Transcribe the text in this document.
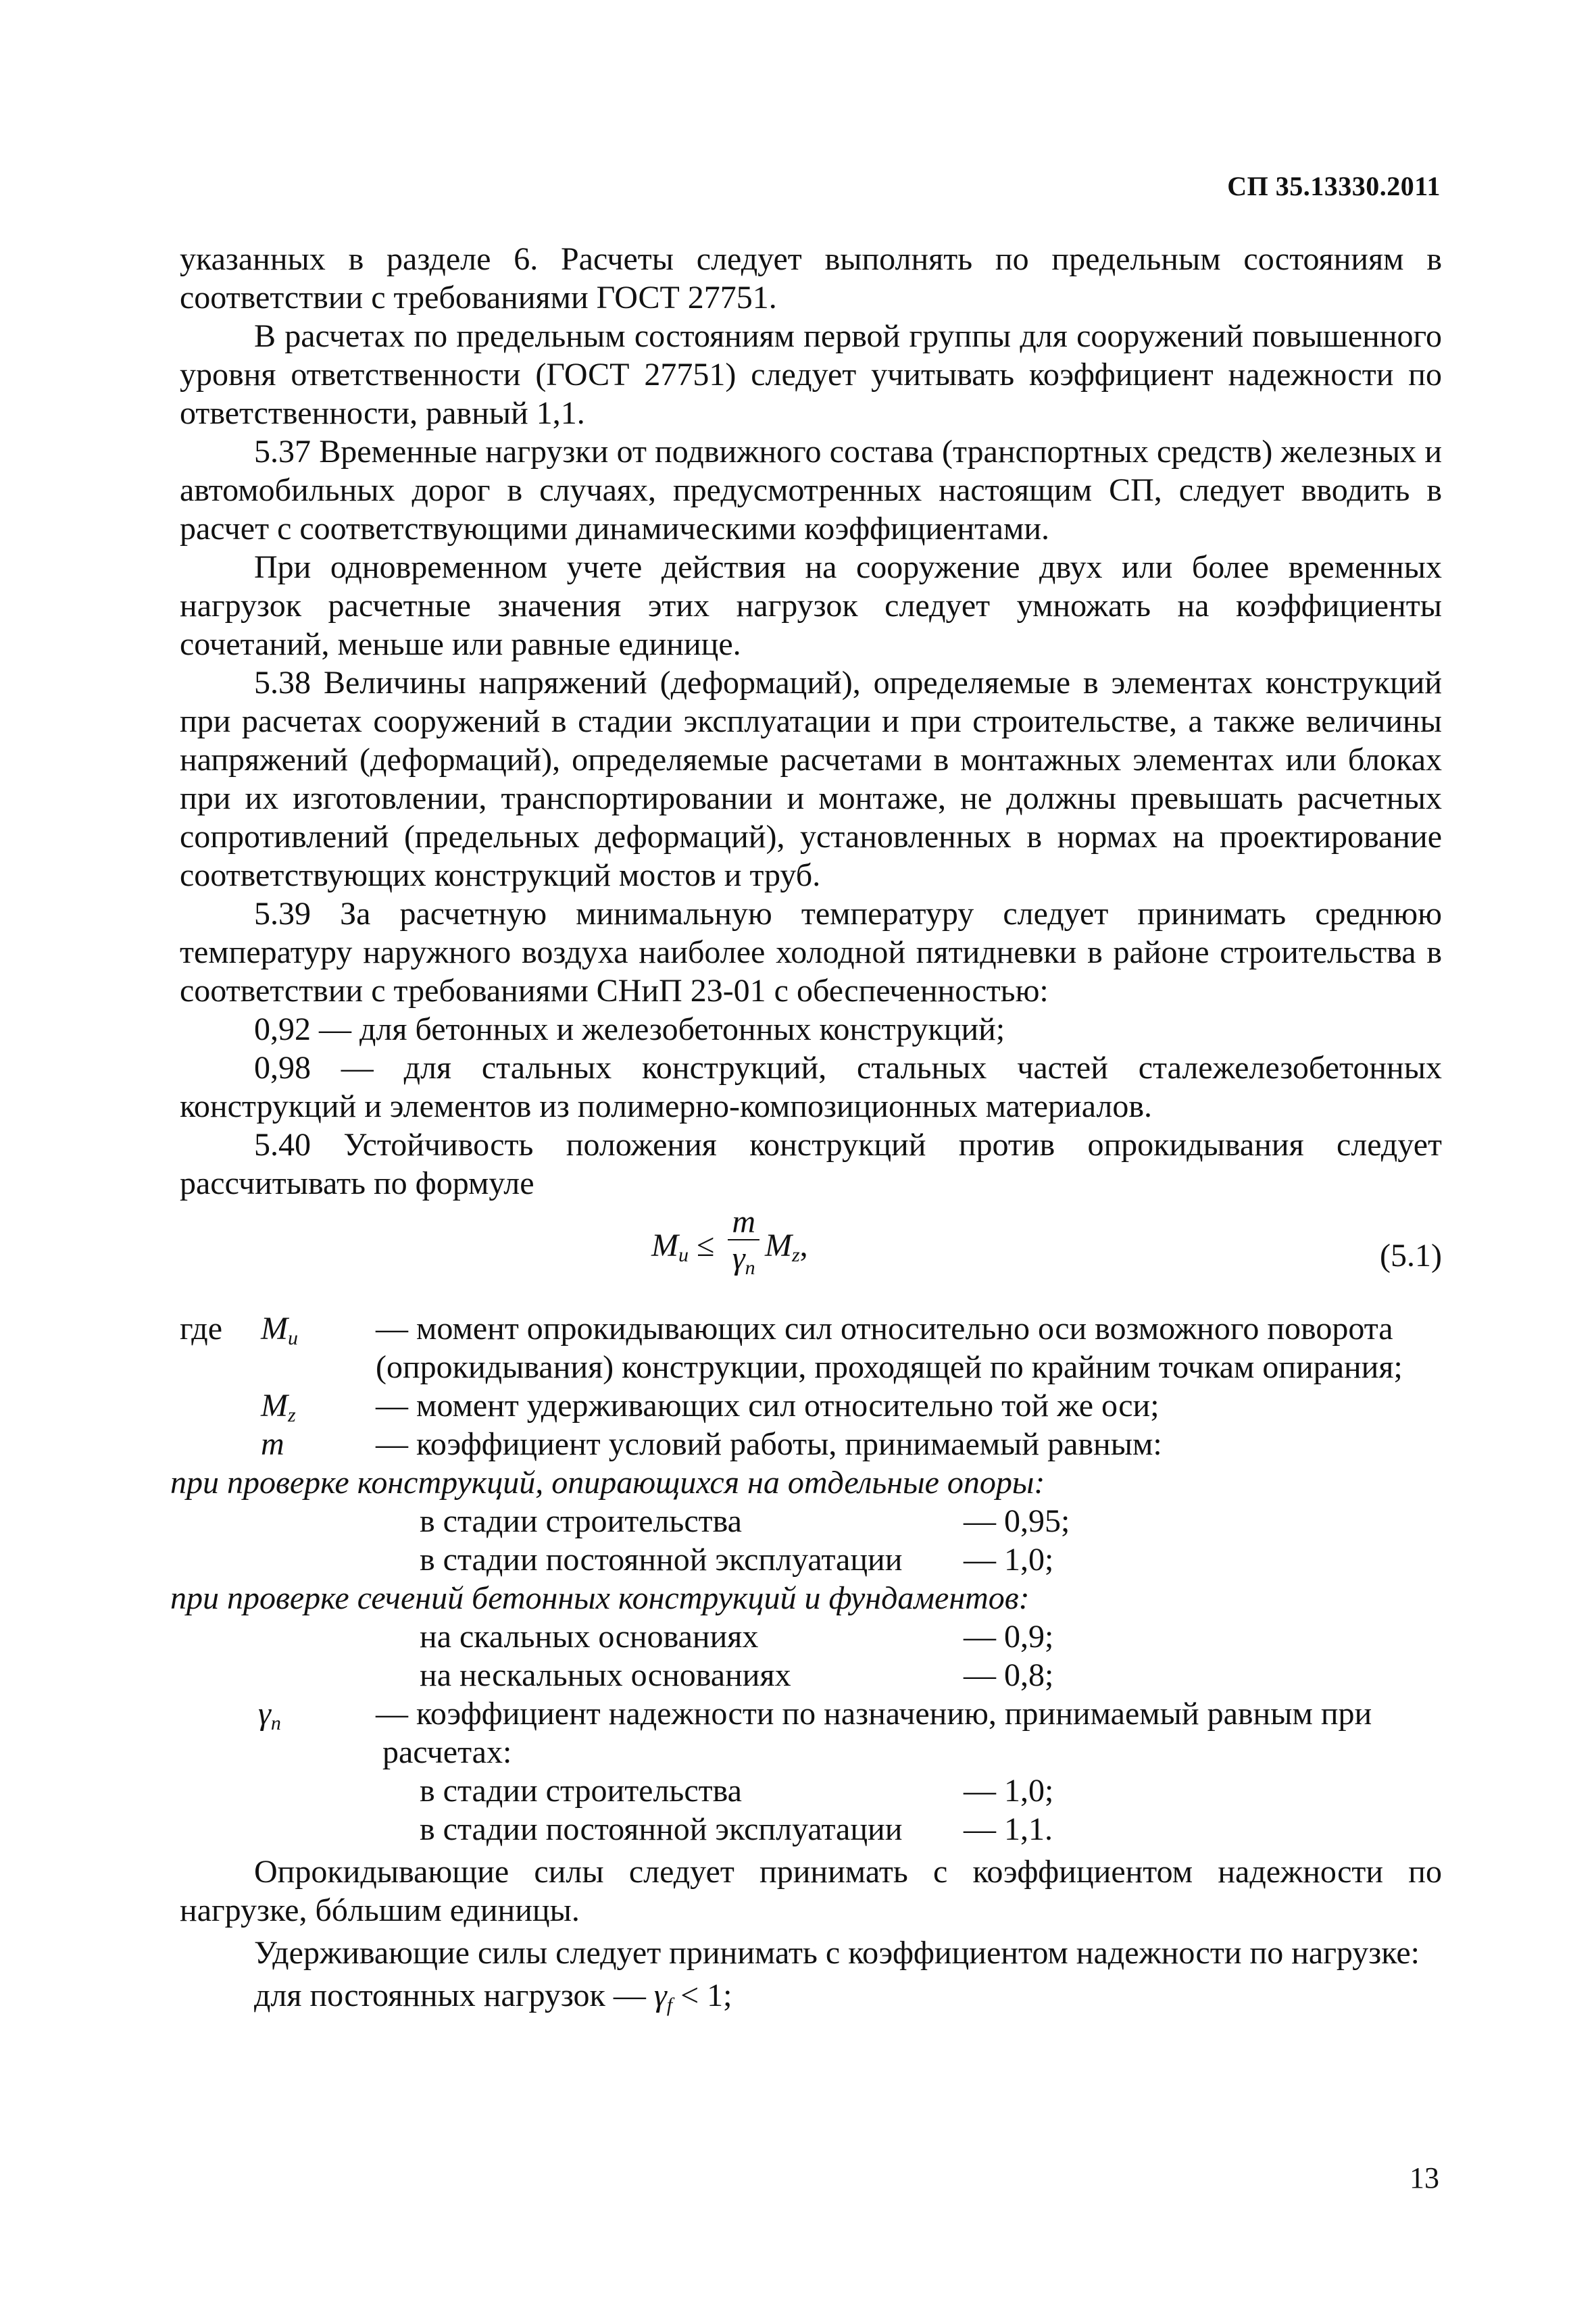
СП 35.13330.2011

указанных в разделе 6. Расчеты следует выполнять по предельным состояниям в соответствии с требованиями ГОСТ 27751.

В расчетах по предельным состояниям первой группы для сооружений повышенного уровня ответственности (ГОСТ 27751) следует учитывать коэффициент надежности по ответственности, равный 1,1.

5.37 Временные нагрузки от подвижного состава (транспортных средств) железных и автомобильных дорог в случаях, предусмотренных настоящим СП, следует вводить в расчет с соответствующими динамическими коэффициентами.

При одновременном учете действия на сооружение двух или более временных нагрузок расчетные значения этих нагрузок следует умножать на коэффициенты сочетаний, меньше или равные единице.

5.38 Величины напряжений (деформаций), определяемые в элементах конструкций при расчетах сооружений в стадии эксплуатации и при строительстве, а также величины напряжений (деформаций), определяемые расчетами в монтажных элементах или блоках при их изготовлении, транспортировании и монтаже, не должны превышать расчетных сопротивлений (предельных деформаций), установленных в нормах на проектирование соответствующих конструкций мостов и труб.

5.39 За расчетную минимальную температуру следует принимать среднюю температуру наружного воздуха наиболее холодной пятидневки в районе строительства в соответствии с требованиями СНиП 23-01 с обеспеченностью:

0,92 — для бетонных и железобетонных конструкций;

0,98 — для стальных конструкций, стальных частей сталежелезобетонных конструкций и элементов из полимерно-композиционных материалов.

5.40 Устойчивость положения конструкций против опрокидывания следует рассчитывать по формуле

$M_u \le \frac{m}{\gamma_n} M_z$,	(5.1)
где $M_u$ — момент опрокидывающих сил относительно оси возможного поворота

(опрокидывания) конструкции, проходящей по крайним точкам опирания;

$M_z$ — момент удерживающих сил относительно той же оси;
m	— коэффициент условий работы, принимаемый равным:

при проверке конструкций, опирающихся на отдельные опоры:

в стадии строительства	— 0,95;
в стадии постоянной эксплуатации — 1,0;

при проверке сечений бетонных конструкций и фундаментов:

на скальных основаниях	— 0,9;
на нескальных основаниях	— 0,8;
$\gamma_n$	— коэффициент надежности по назначению, принимаемый равным при

расчетах:

в стадии строительства	— 1,0;
в стадии постоянной эксплуатации — 1,1.

Опрокидывающие силы следует принимать с коэффициентом надежности по нагрузке, бóльшим единицы.

Удерживающие силы следует принимать с коэффициентом надежности по нагрузке:

для постоянных нагрузок — $\gamma_f < 1$;

13
